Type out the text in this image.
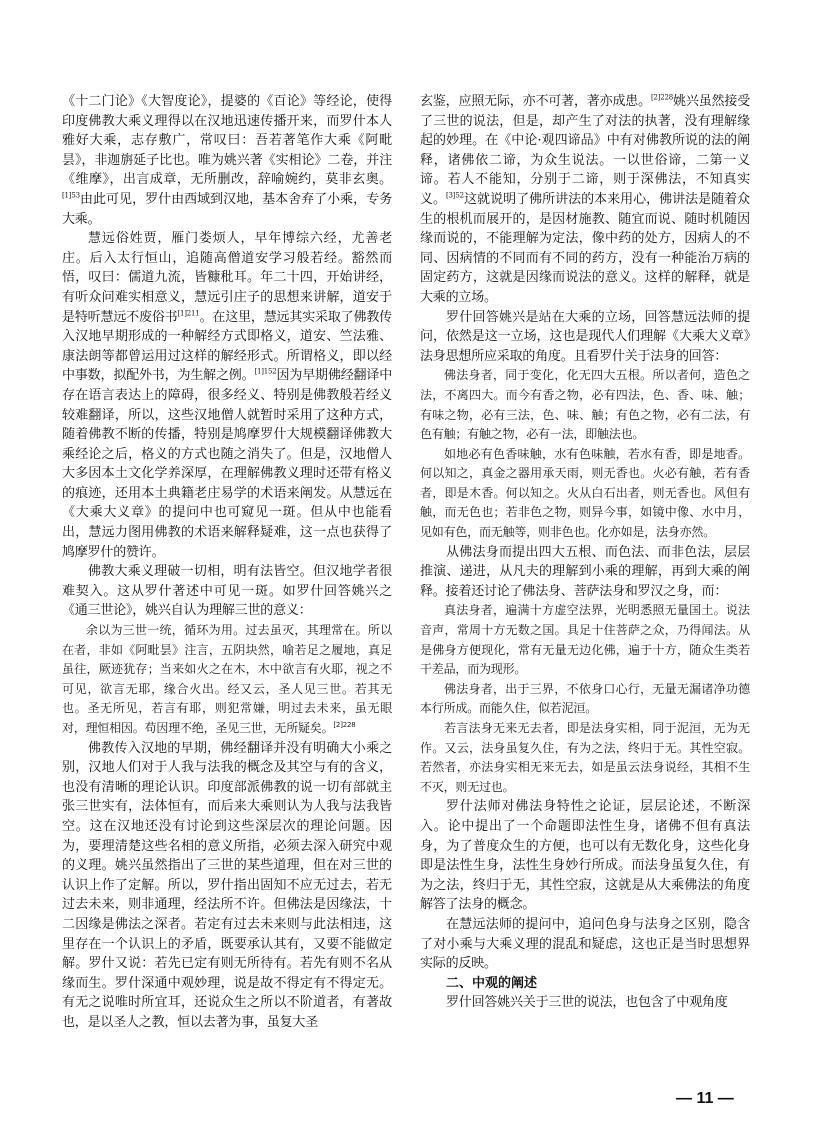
《十二门论》《大智度论》，提婆的《百论》等经论，使得印度佛教大乘义理得以在汉地迅速传播开来，而罗什本人雅好大乘，志存敷广，常叹曰：吾若著笔作大乘《阿毗昙》，非迦旃延子比也。唯为姚兴著《实相论》二卷，并注《维摩》，出言成章，无所删改，辞喻婉约，莫非玄奥。$^{[1]53}$由此可见，罗什由西域到汉地，基本舍弃了小乘，专务大乘。

慧远俗姓贾，雁门娄烦人，早年博综六经，尤善老庄。后入太行恒山，追随高僧道安学习般若经。豁然而悟，叹曰：儒道九流，皆糠秕耳。年二十四，开始讲经，有听众问难实相意义，慧远引庄子的思想来讲解，道安于是特听慧远不废俗书$^{[1]211}$。在这里，慧远其实采取了佛教传入汉地早期形成的一种解经方式即格义，道安、竺法雅、康法朗等都曾运用过这样的解经形式。所谓格义，即以经中事数，拟配外书，为生解之例。$^{[1]152}$因为早期佛经翻译中存在语言表达上的障碍，很多经义、特别是佛教般若经义较难翻译，所以，这些汉地僧人就暂时采用了这种方式，随着佛教不断的传播，特别是鸠摩罗什大规模翻译佛教大乘经论之后，格义的方式也随之消失了。但是，汉地僧人大多因本土文化学养深厚，在理解佛教义理时还带有格义的痕迹，还用本土典籍老庄易学的术语来阐发。从慧远在《大乘大义章》的提问中也可窥见一斑。但从中也能看出，慧远力图用佛教的术语来解释疑难，这一点也获得了鸠摩罗什的赞许。

佛教大乘义理破一切相，明有法皆空。但汉地学者很难契入。这从罗什著述中可见一斑。如罗什回答姚兴之《通三世论》，姚兴自认为理解三世的意义：

余以为三世一统，循环为用。过去虽灭，其理常在。所以在者，非如《阿毗昙》注言，五阴块然，喻若足之履地，真足虽往，厥迹犹存；当来如火之在木，木中欲言有火耶，视之不可见，欲言无耶，缘合火出。经又云，圣人见三世。若其无也。圣无所见，若言有耶，则犯常嫌，明过去未来，虽无眼对，理恒相因。苟因理不绝，圣见三世，无所疑矣。$^{[2]228}$

佛教传入汉地的早期，佛经翻译并没有明确大小乘之别，汉地人们对于人我与法我的概念及其空与有的含义，也没有清晰的理论认识。印度部派佛教的说一切有部就主张三世实有，法体恒有，而后来大乘则认为人我与法我皆空。这在汉地还没有讨论到这些深层次的理论问题。因为，要理清楚这些名相的意义所指，必须去深入研究中观的义理。姚兴虽然指出了三世的某些道理，但在对三世的认识上作了定解。所以，罗什指出固知不应无过去，若无过去未来，则非通理，经法所不许。但佛法是因缘法，十二因缘是佛法之深者。若定有过去未来则与此法相违，这里存在一个认识上的矛盾，既要承认其有，又要不能做定解。罗什又说：若先已定有则无所待有。若先有则不名从缘而生。罗什深通中观妙理，说是故不得定有不得定无。有无之说唯时所宜耳，还说众生之所以不阶道者，有著故也，是以圣人之教，恒以去著为事，虽复大圣

玄鉴，应照无际，亦不可著，著亦成患。$^{[2]228}$姚兴虽然接受了三世的说法，但是，却产生了对法的执著，没有理解缘起的妙理。在《中论·观四谛品》中有对佛教所说的法的阐释，诸佛依二谛，为众生说法。一以世俗谛，二第一义谛。若人不能知，分别于二谛，则于深佛法，不知真实义。$^{[3]52}$这就说明了佛所讲法的本来用心，佛讲法是随着众生的根机而展开的，是因材施教、随宜而说、随时机随因缘而说的，不能理解为定法，像中药的处方，因病人的不同、因病情的不同而有不同的药方，没有一种能治万病的固定药方，这就是因缘而说法的意义。这样的解释，就是大乘的立场。

罗什回答姚兴是站在大乘的立场，回答慧远法师的提问，依然是这一立场，这也是现代人们理解《大乘大义章》法身思想所应采取的角度。且看罗什关于法身的回答：

佛法身者，同于变化，化无四大五根。所以者何，造色之法，不离四大。而今有香之物，必有四法，色、香、味、触；有味之物，必有三法，色、味、触；有色之物，必有二法，有色有触；有触之物，必有一法，即触法也。

如地必有色香味触，水有色味触，若水有香，即是地香。何以知之，真金之器用承天雨，则无香也。火必有触，若有香者，即是木香。何以知之。火从白石出者，则无香也。风但有触，而无色也；若非色之物，则异今事，如镜中像、水中月，见如有色，而无触等，则非色也。化亦如是，法身亦然。

从佛法身而提出四大五根、而色法、而非色法，层层推演、递进，从凡夫的理解到小乘的理解，再到大乘的阐释。接着还讨论了佛法身、菩萨法身和罗汉之身，而：

真法身者，遍满十方虚空法界，光明悉照无量国土。说法音声，常周十方无数之国。具足十住菩萨之众，乃得闻法。从是佛身方便现化，常有无量无边化佛，遍于十方，随众生类若干差品，而为现形。

佛法身者，出于三界，不依身口心行，无量无漏诸净功德本行所成。而能久住，似若泥洹。

若言法身无来无去者，即是法身实相，同于泥洹，无为无作。又云，法身虽复久住，有为之法，终归于无。其性空寂。若然者，亦法身实相无来无去，如是虽云法身说经，其相不生不灭，则无过也。

罗什法师对佛法身特性之论证，层层论述，不断深入。论中提出了一个命题即法性生身，诸佛不但有真法身，为了普度众生的方便，也可以有无数化身，这些化身即是法性生身，法性生身妙行所成。而法身虽复久住，有为之法，终归于无，其性空寂，这就是从大乘佛法的角度解答了法身的概念。

在慧远法师的提问中，追问色身与法身之区别，隐含了对小乘与大乘义理的混乱和疑虑，这也正是当时思想界实际的反映。

二、中观的阐述

罗什回答姚兴关于三世的说法，也包含了中观角度

— 11 —
